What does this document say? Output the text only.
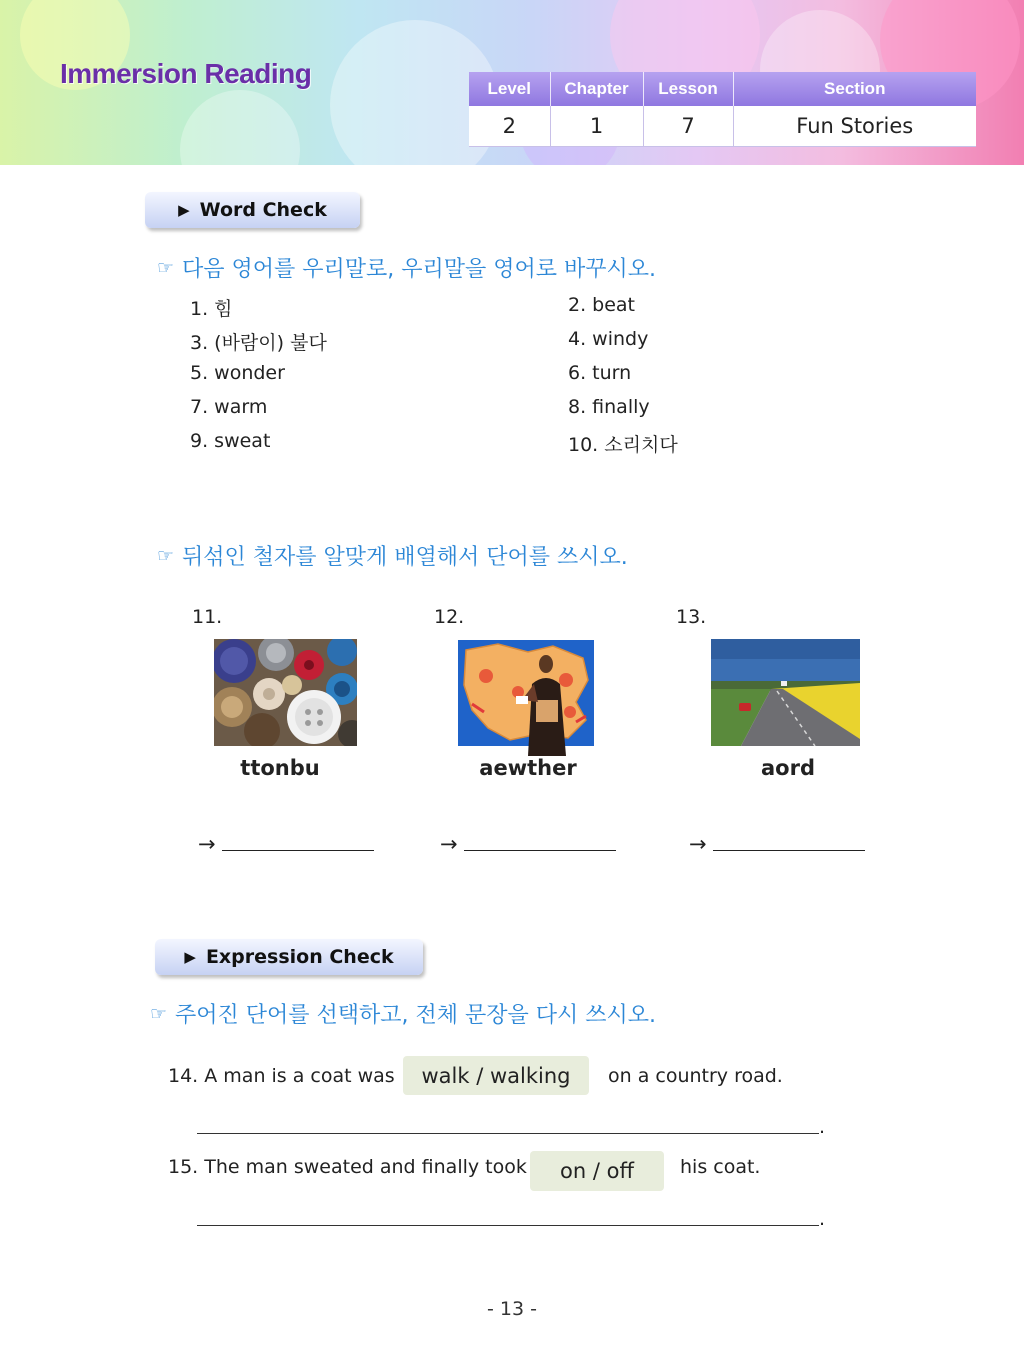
Immersion Reading	Level	Chapter	Lesson	Section
2	1	7	Fun Stories
▶ Word Check
☞ 다음 영어를 우리말로, 우리말을 영어로 바꾸시오.
1. 힘	2. beat
3. (바람이) 불다	4. windy
5. wonder	6. turn
7. warm	8. finally
9. sweat	10. 소리치다
☞ 뒤섞인 철자를 알맞게 배열해서 단어를 쓰시오.
11.	12.	13.
ttonbu	aewther	aord
→	→	→
▶ Expression Check
☞ 주어진 단어를 선택하고, 전체 문장을 다시 쓰시오.
14. A man is a coat was	walk / walking	on a country road.
.
15. The man sweated and finally took	on / off	his coat.
.
- 13 -
